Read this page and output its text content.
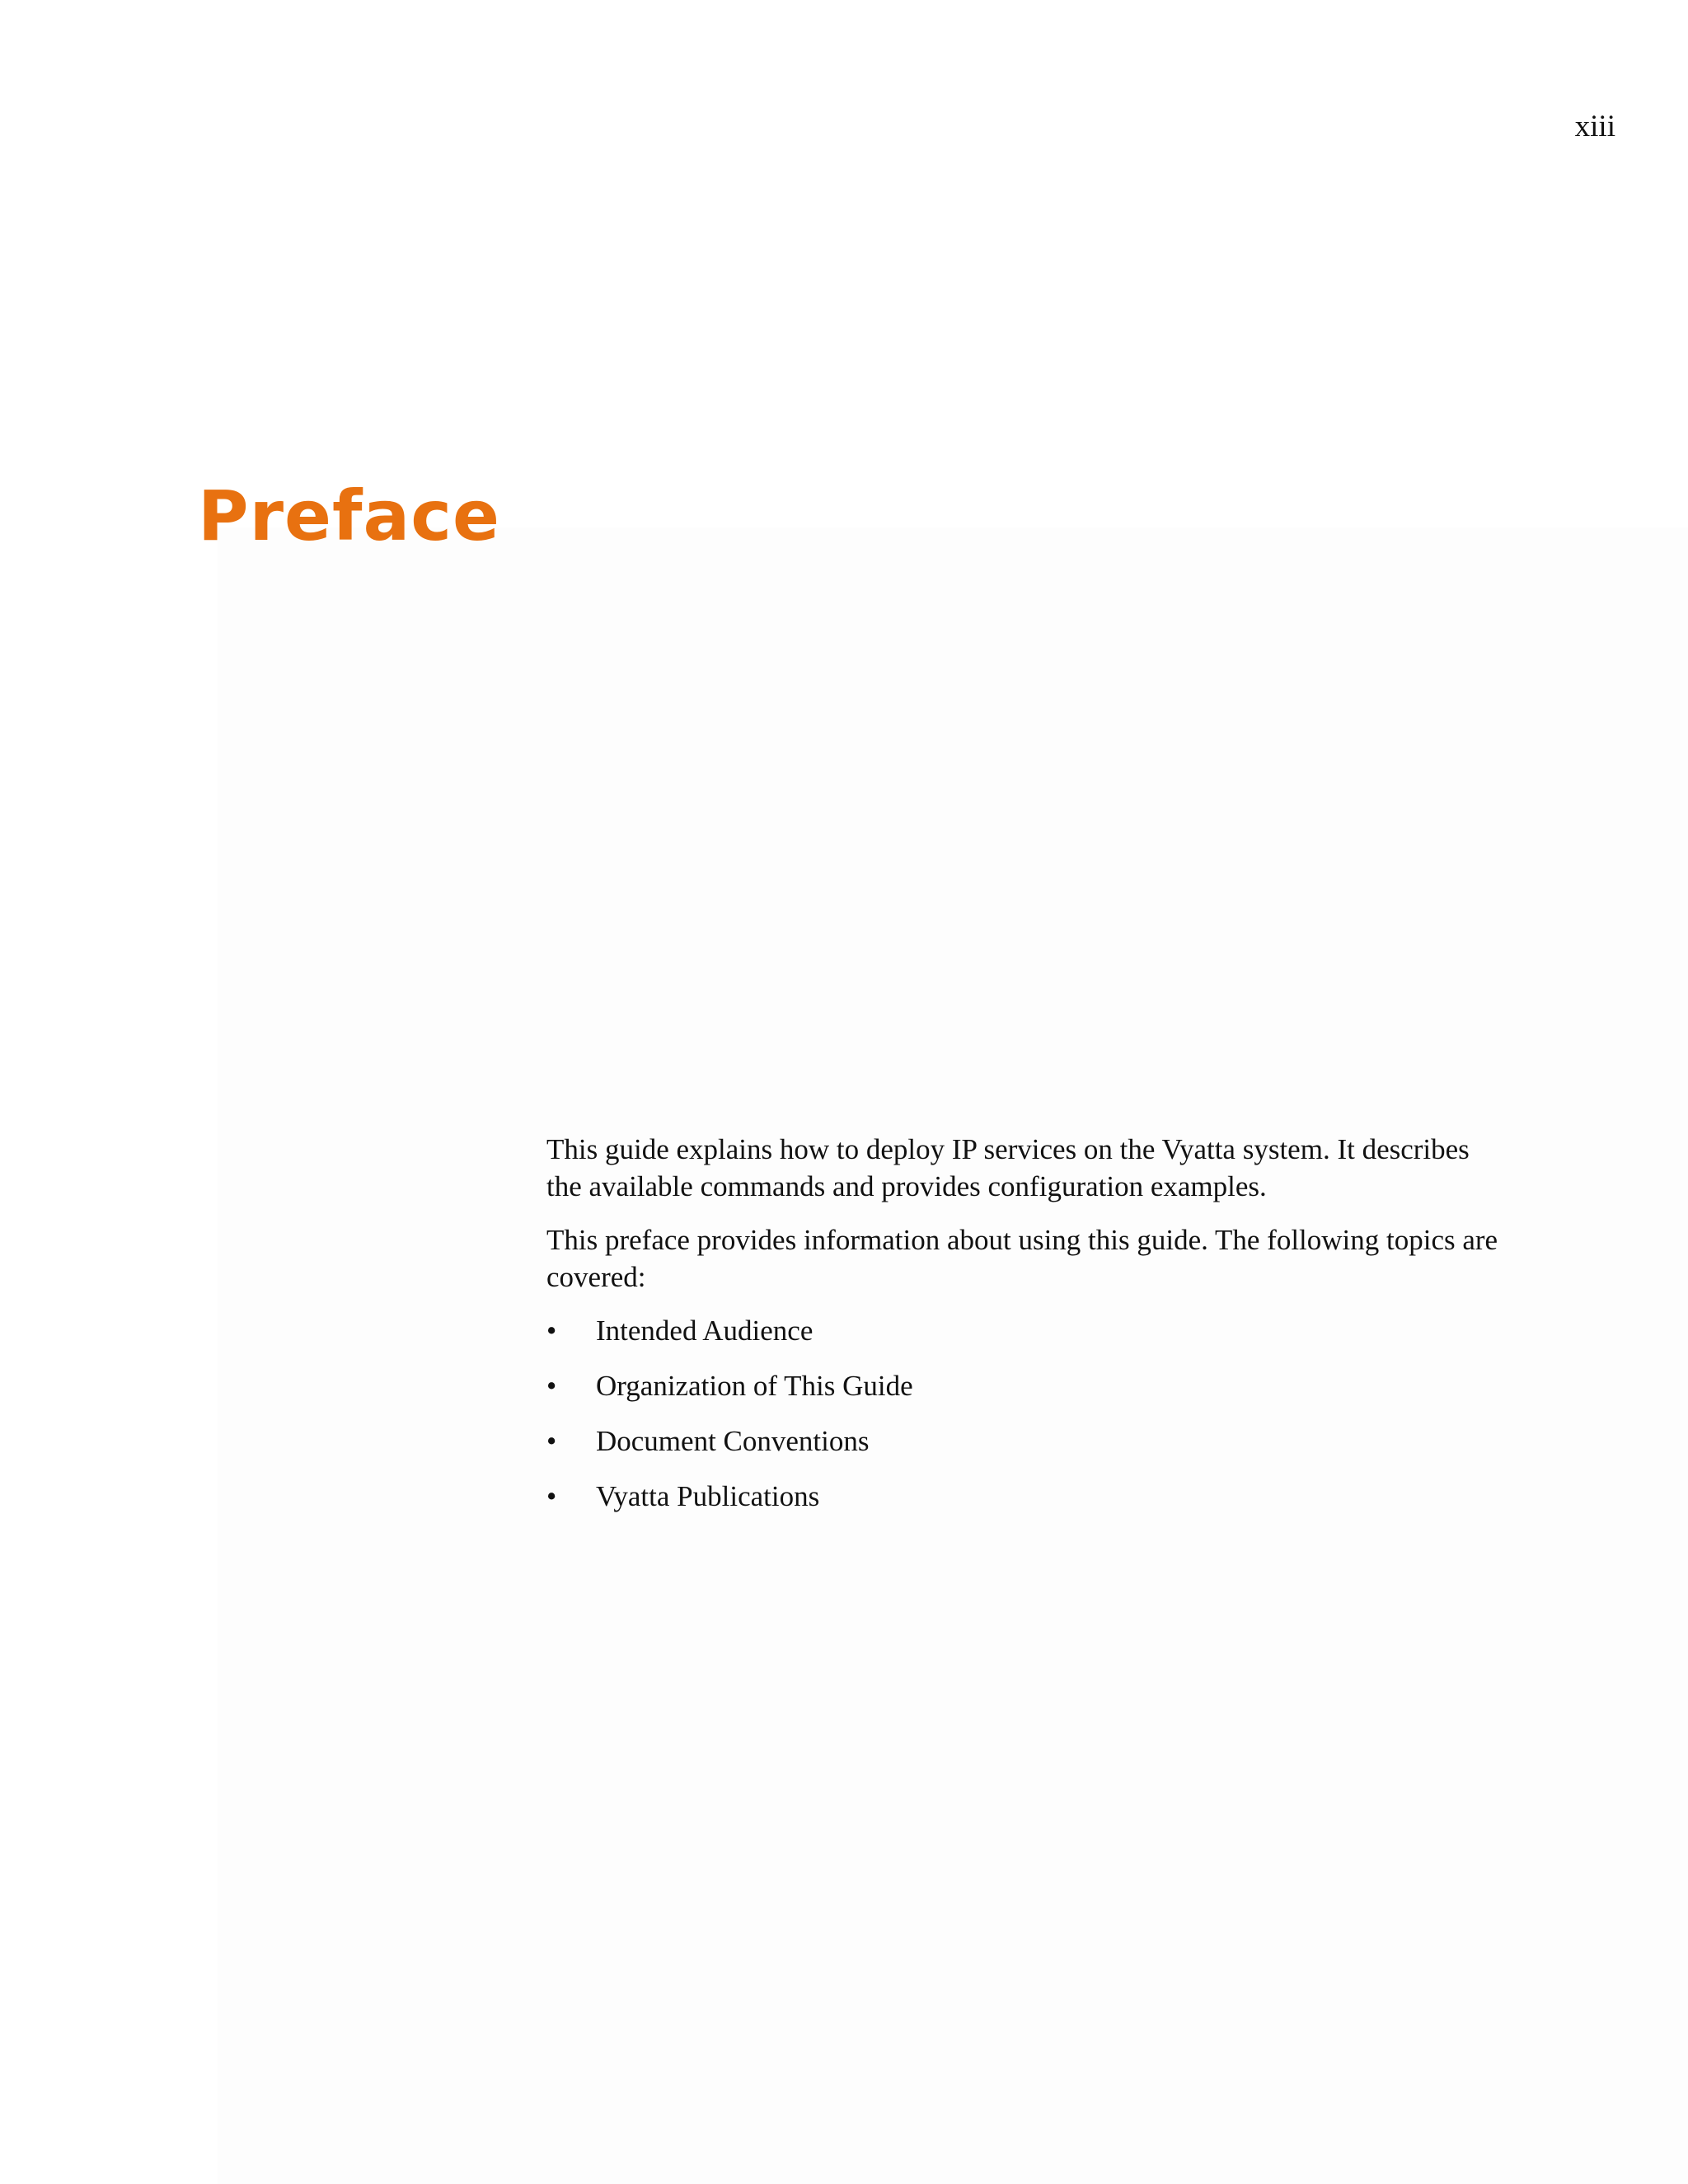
xiii
Preface

This guide explains how to deploy IP services on the Vyatta system. It describes the available commands and provides configuration examples.

This preface provides information about using this guide. The following topics are covered:

•	Intended Audience
•	Organization of This Guide
•	Document Conventions
•	Vyatta Publications
